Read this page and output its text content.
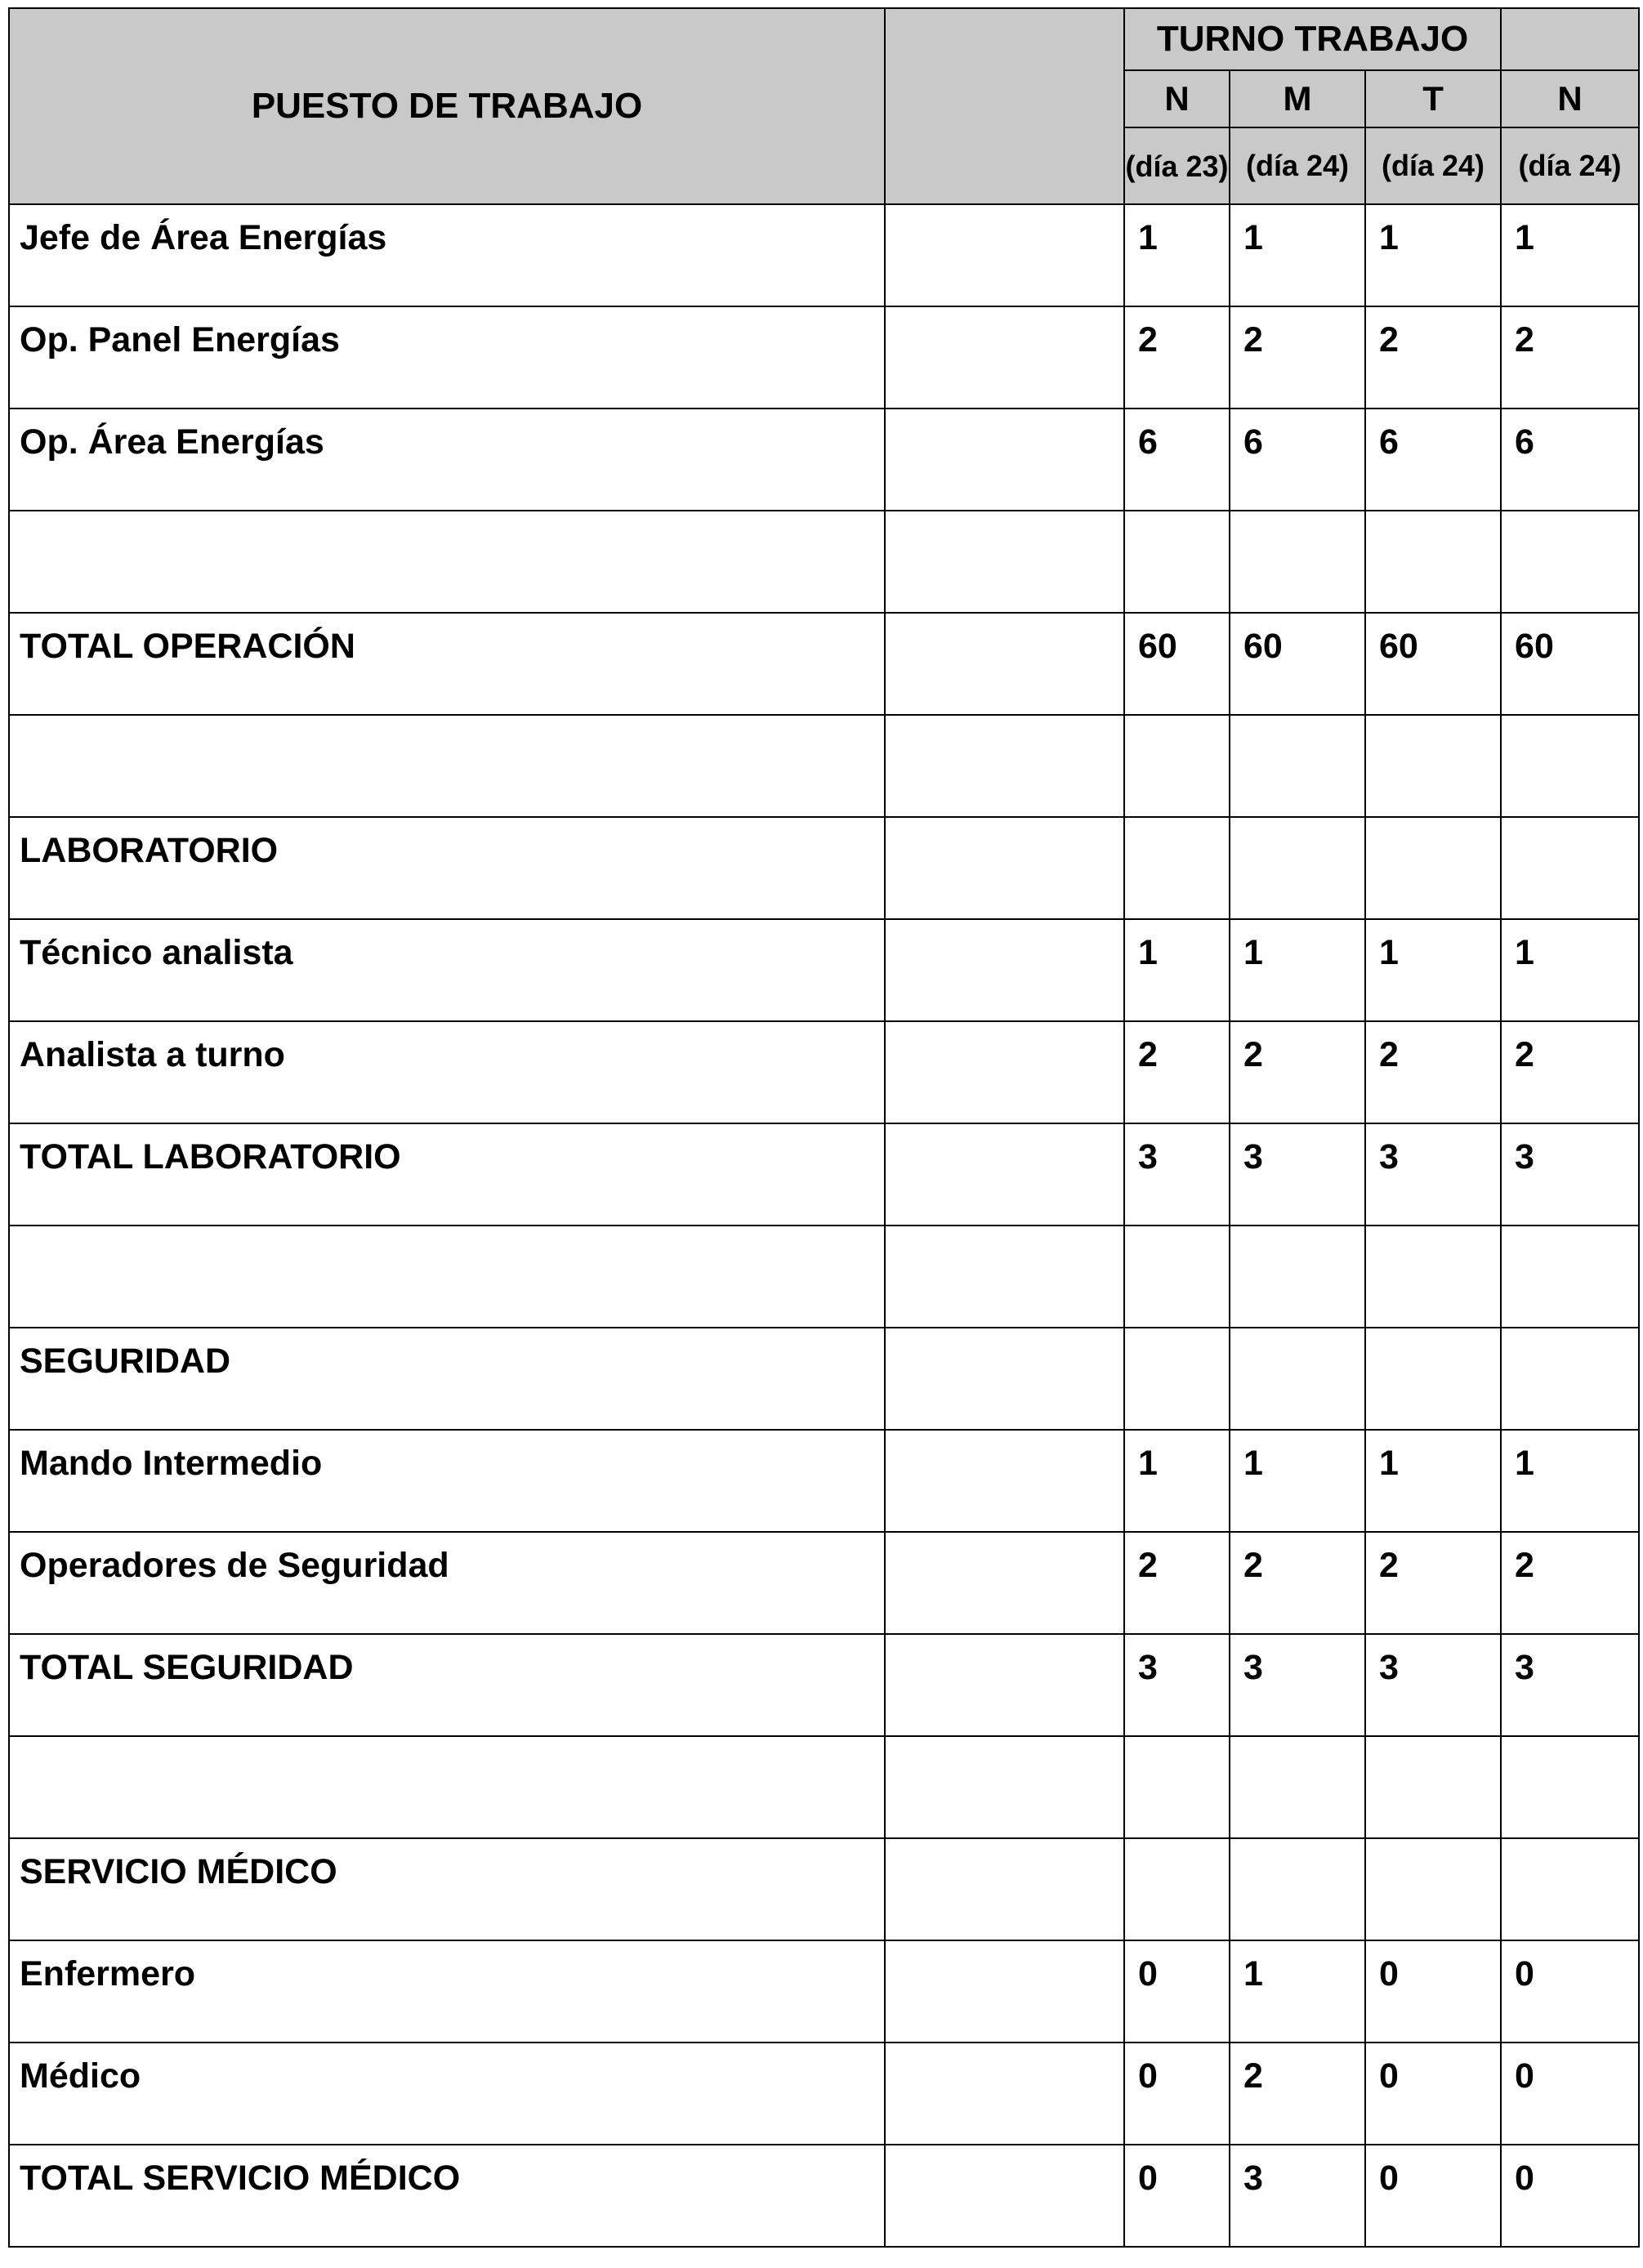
PUESTO DE TRABAJO		TURNO TRABAJO			
		N	M	T	N
		(día 23)	(día 24)	(día 24)	(día 24)
Jefe de Área Energías		1	1	1	1
Op. Panel Energías		2	2	2	2
Op. Área Energías		6	6	6	6

TOTAL OPERACIÓN		60	60	60	60

LABORATORIO					
Técnico analista		1	1	1	1
Analista a turno		2	2	2	2
TOTAL LABORATORIO		3	3	3	3

SEGURIDAD					
Mando Intermedio		1	1	1	1
Operadores de Seguridad		2	2	2	2
TOTAL SEGURIDAD		3	3	3	3

SERVICIO MÉDICO					
Enfermero		0	1	0	0
Médico		0	2	0	0
TOTAL SERVICIO MÉDICO		0	3	0	0
